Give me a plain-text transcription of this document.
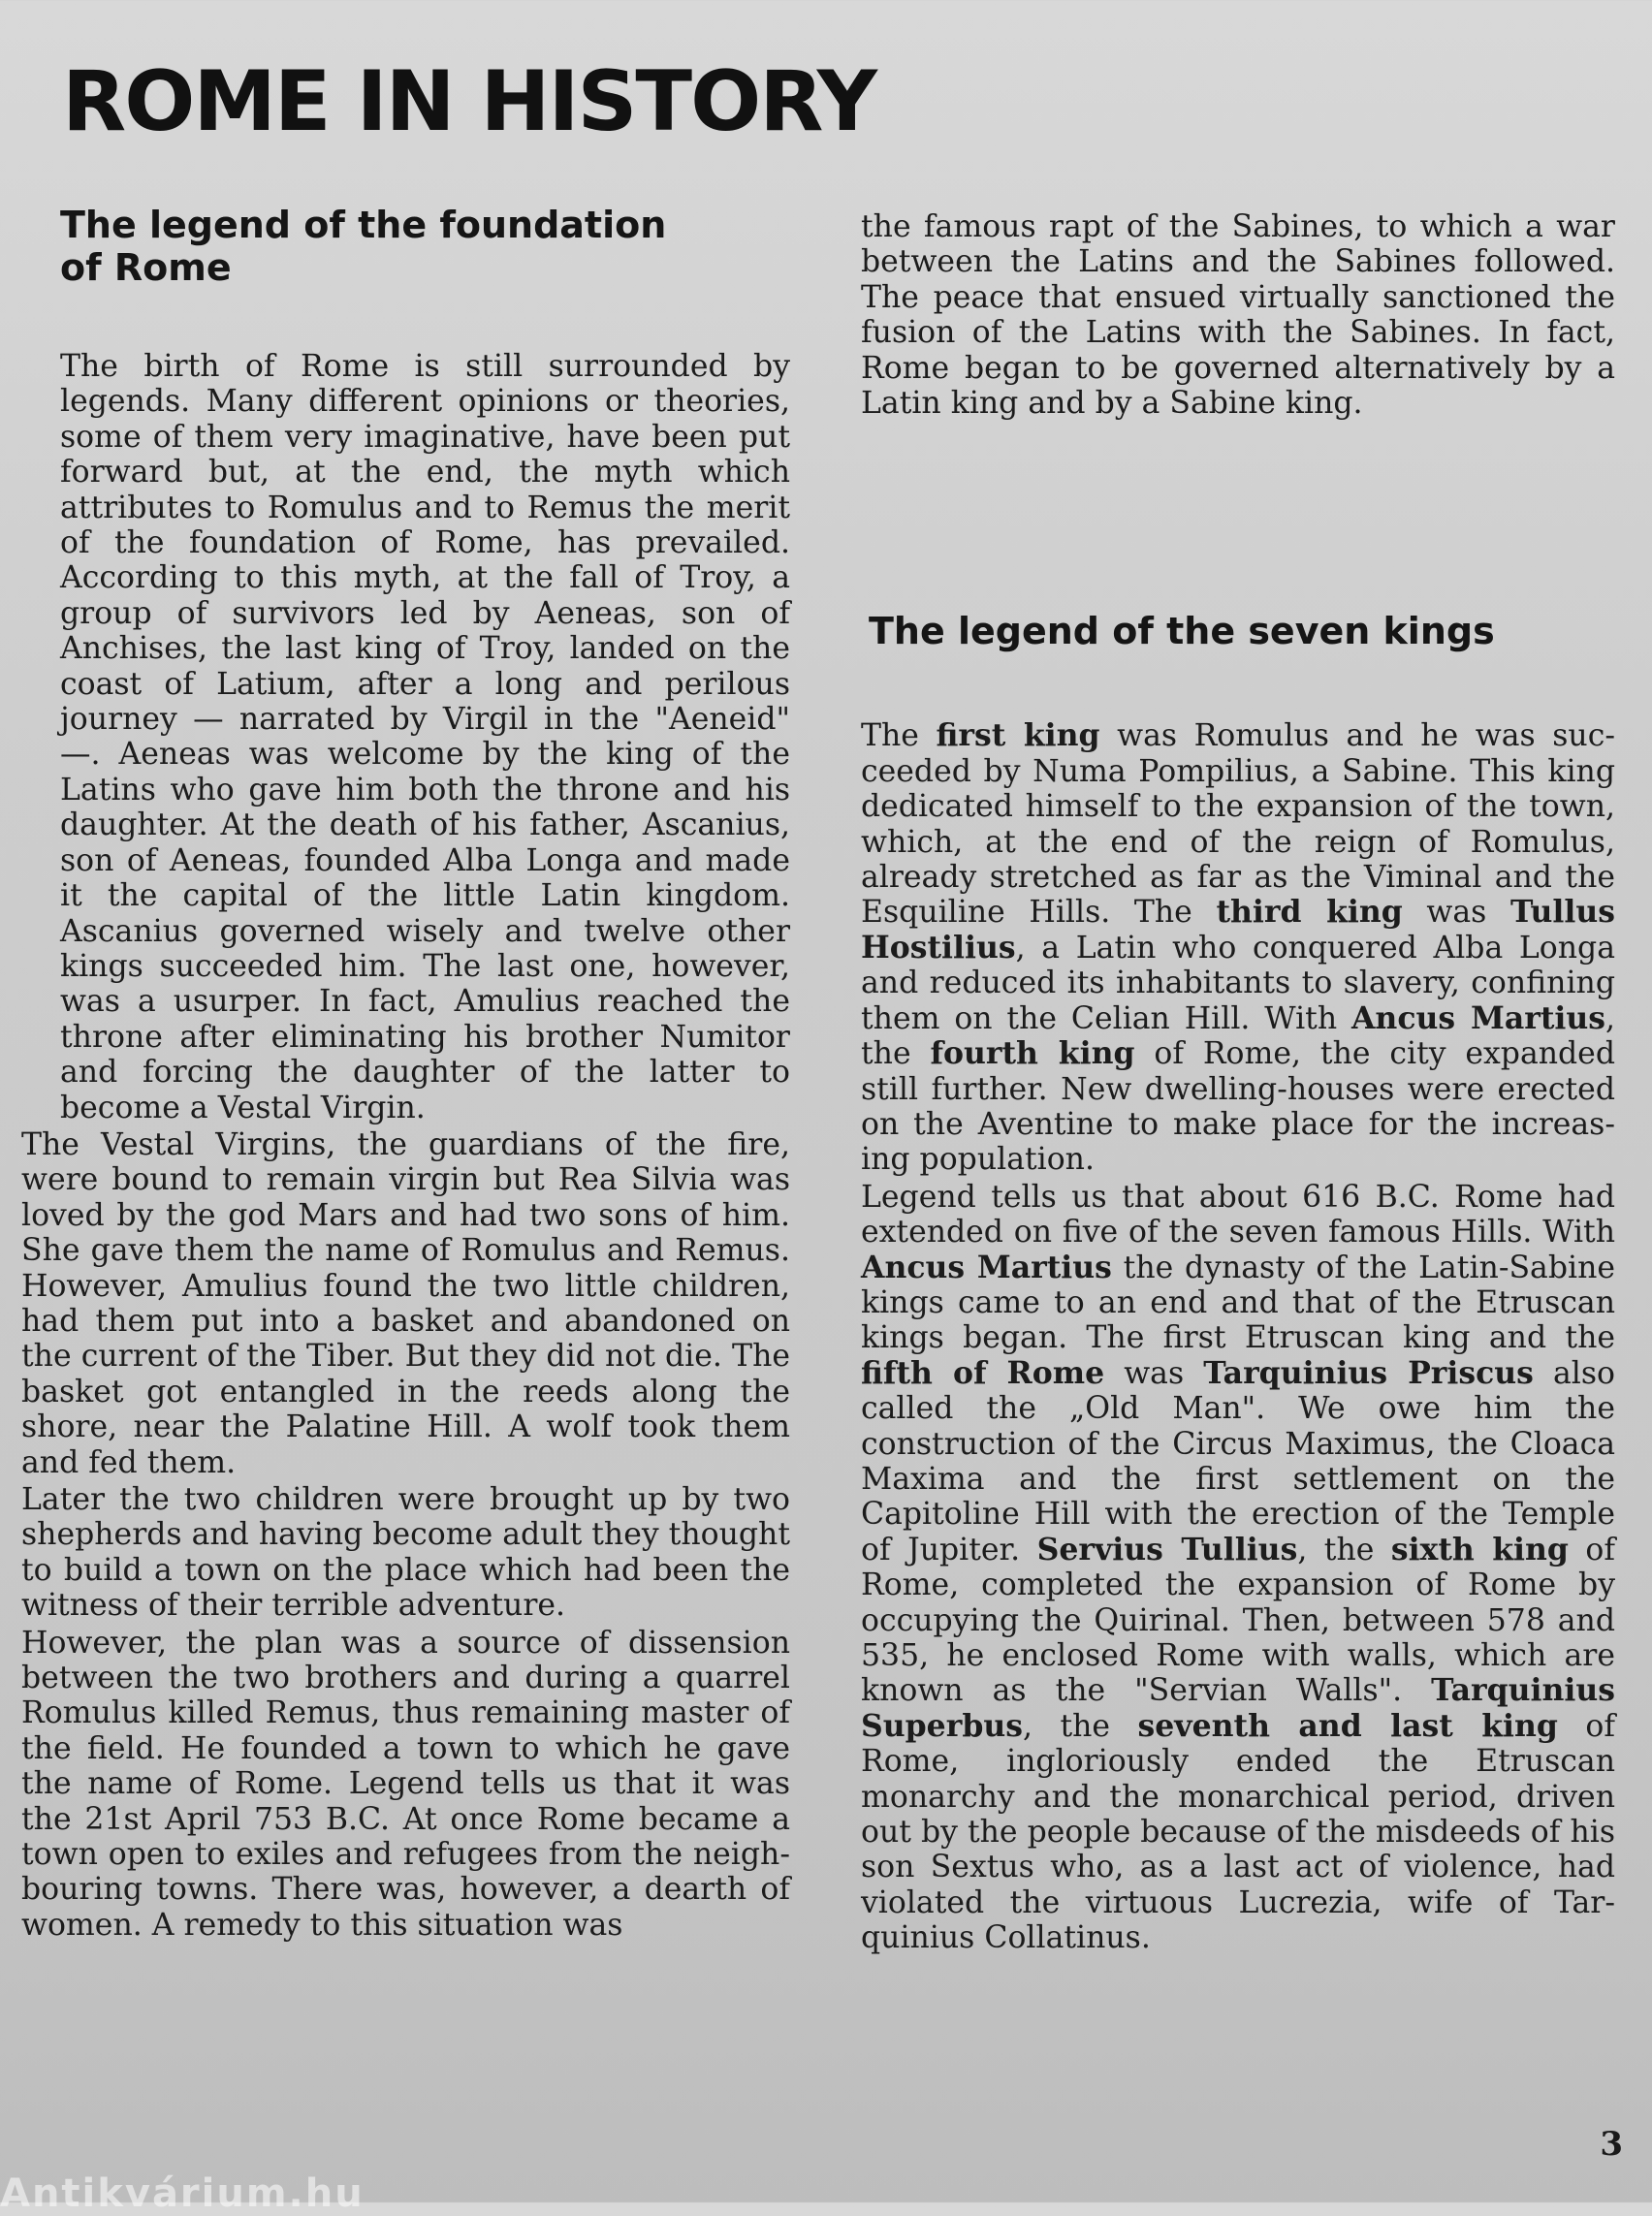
ROME IN HISTORY
The legend of the foundation of Rome

The birth of Rome is still surrounded by legends. Many different opinions or theories, some of them very imaginative, have been put forward but, at the end, the myth which attributes to Romulus and to Remus the merit of the foundation of Rome, has prevailed. According to this myth, at the fall of Troy, a group of survivors led by Aeneas, son of Anchises, the last king of Troy, landed on the coast of Latium, after a long and perilous journey — narrated by Virgil in the "Aeneid" —. Aeneas was welcome by the king of the Latins who gave him both the throne and his daughter. At the death of his father, Ascanius, son of Aeneas, founded Alba Longa and made it the capital of the little Latin kingdom. Ascanius governed wisely and twelve other kings succeeded him. The last one, however, was a usurper. In fact, Amulius reached the throne after eliminating his brother Numitor and forcing the daughter of the latter to become a Vestal Virgin.

The Vestal Virgins, the guardians of the fire, were bound to remain virgin but Rea Silvia was loved by the god Mars and had two sons of him. She gave them the name of Romulus and Remus. However, Amulius found the two little children, had them put into a basket and abandoned on the current of the Tiber. But they did not die. The basket got entangled in the reeds along the shore, near the Palatine Hill. A wolf took them and fed them.

Later the two children were brought up by two shepherds and having become adult they thought to build a town on the place which had been the witness of their terrible adventure.

However, the plan was a source of dissension between the two brothers and during a quarrel Romulus killed Remus, thus remaining master of the field. He founded a town to which he gave the name of Rome. Legend tells us that it was the 21st April 753 B.C. At once Rome became a town open to exiles and refugees from the neighbouring towns. There was, however, a dearth of women. A remedy to this situation was

the famous rapt of the Sabines, to which a war between the Latins and the Sabines followed. The peace that ensued virtually sanctioned the fusion of the Latins with the Sabines. In fact, Rome began to be governed alternatively by a Latin king and by a Sabine king.

The legend of the seven kings

The first king was Romulus and he was succeeded by Numa Pompilius, a Sabine. This king dedicated himself to the expansion of the town, which, at the end of the reign of Romulus, already stretched as far as the Viminal and the Esquiline Hills. The third king was Tullus Hostilius, a Latin who conquered Alba Longa and reduced its inhabitants to slavery, confining them on the Celian Hill. With Ancus Martius, the fourth king of Rome, the city expanded still further. New dwelling-houses were erected on the Aventine to make place for the increasing population.

Legend tells us that about 616 B.C. Rome had extended on five of the seven famous Hills. With Ancus Martius the dynasty of the Latin-Sabine kings came to an end and that of the Etruscan kings began. The first Etruscan king and the fifth of Rome was Tarquinius Priscus also called the „Old Man". We owe him the construction of the Circus Maximus, the Cloaca Maxima and the first settlement on the Capitoline Hill with the erection of the Temple of Jupiter. Servius Tullius, the sixth king of Rome, completed the expansion of Rome by occupying the Quirinal. Then, between 578 and 535, he enclosed Rome with walls, which are known as the "Servian Walls". Tarquinius Superbus, the seventh and last king of Rome, ingloriously ended the Etruscan monarchy and the monarchical period, driven out by the people because of the misdeeds of his son Sextus who, as a last act of violence, had violated the virtuous Lucrezia, wife of Tarquinius Collatinus.

3
Antikvárium.hu
